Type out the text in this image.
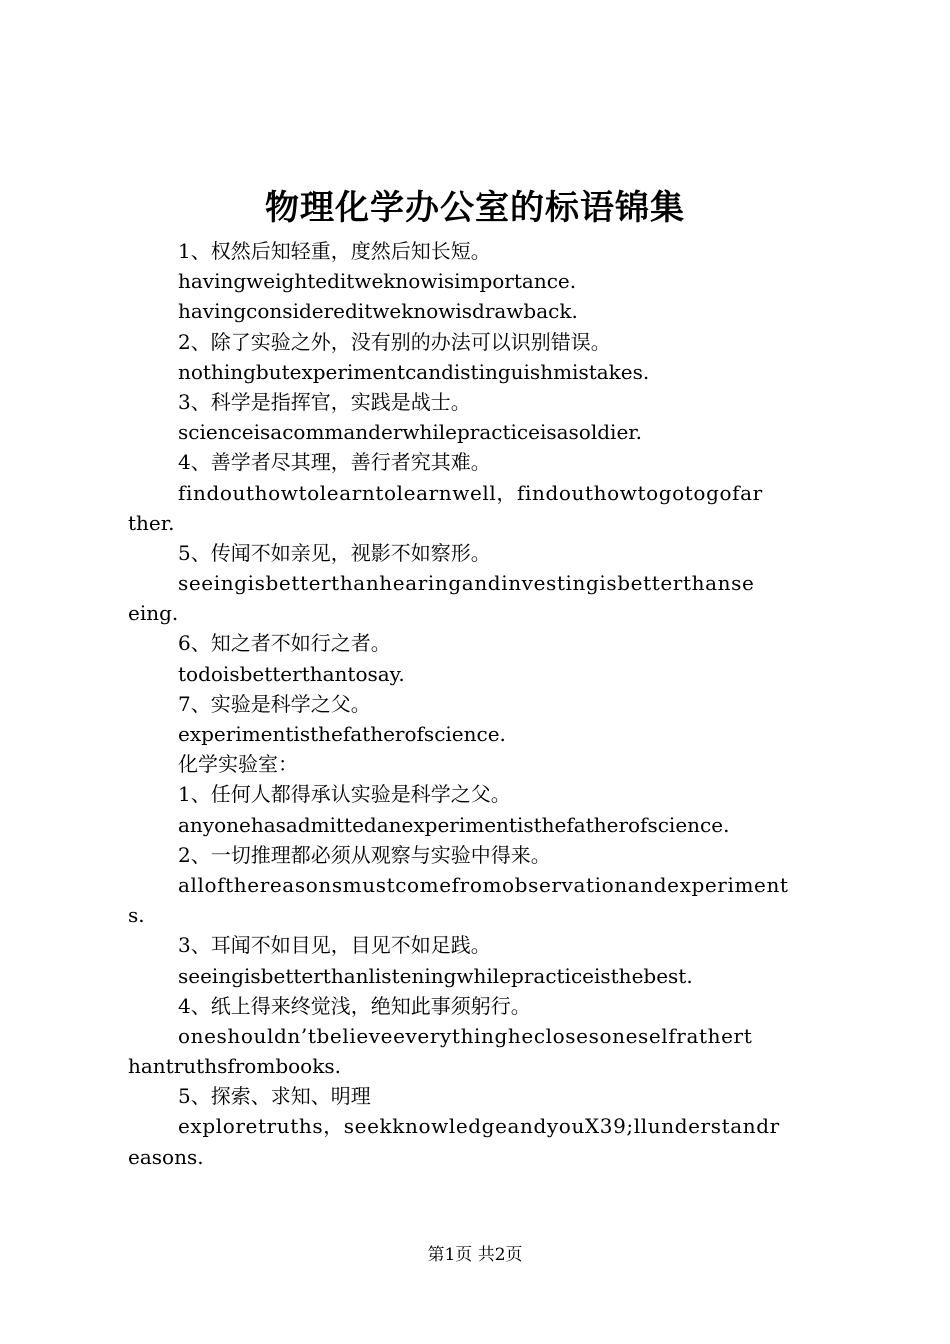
物理化学办公室的标语锦集
1、权然后知轻重，度然后知长短。
havingweighteditweknowisimportance.
havingconsidereditweknowisdrawback.
2、除了实验之外，没有别的办法可以识别错误。
nothingbutexperimentcandistinguishmistakes.
3、科学是指挥官，实践是战士。
scienceisacommanderwhilepracticeisasoldier.
4、善学者尽其理，善行者究其难。
findouthowtolearntolearnwell，findouthowtogotogofar
ther.
5、传闻不如亲见，视影不如察形。
seeingisbetterthanhearingandinvestingisbetterthanse
eing.
6、知之者不如行之者。
todoisbetterthantosay.
7、实验是科学之父。
experimentisthefatherofscience.
化学实验室：
1、任何人都得承认实验是科学之父。
anyonehasadmittedanexperimentisthefatherofscience.
2、一切推理都必须从观察与实验中得来。
allofthereasonsmustcomefromobservationandexperiment
s.
3、耳闻不如目见，目见不如足践。
seeingisbetterthanlisteningwhilepracticeisthebest.
4、纸上得来终觉浅，绝知此事须躬行。
oneshouldn’tbelieveeverythingheclosesoneselfrathert
hantruthsfrombooks.
5、探索、求知、明理
exploretruths，seekknowledgeandyouX39;llunderstandr
easons.
第1页 共2页
